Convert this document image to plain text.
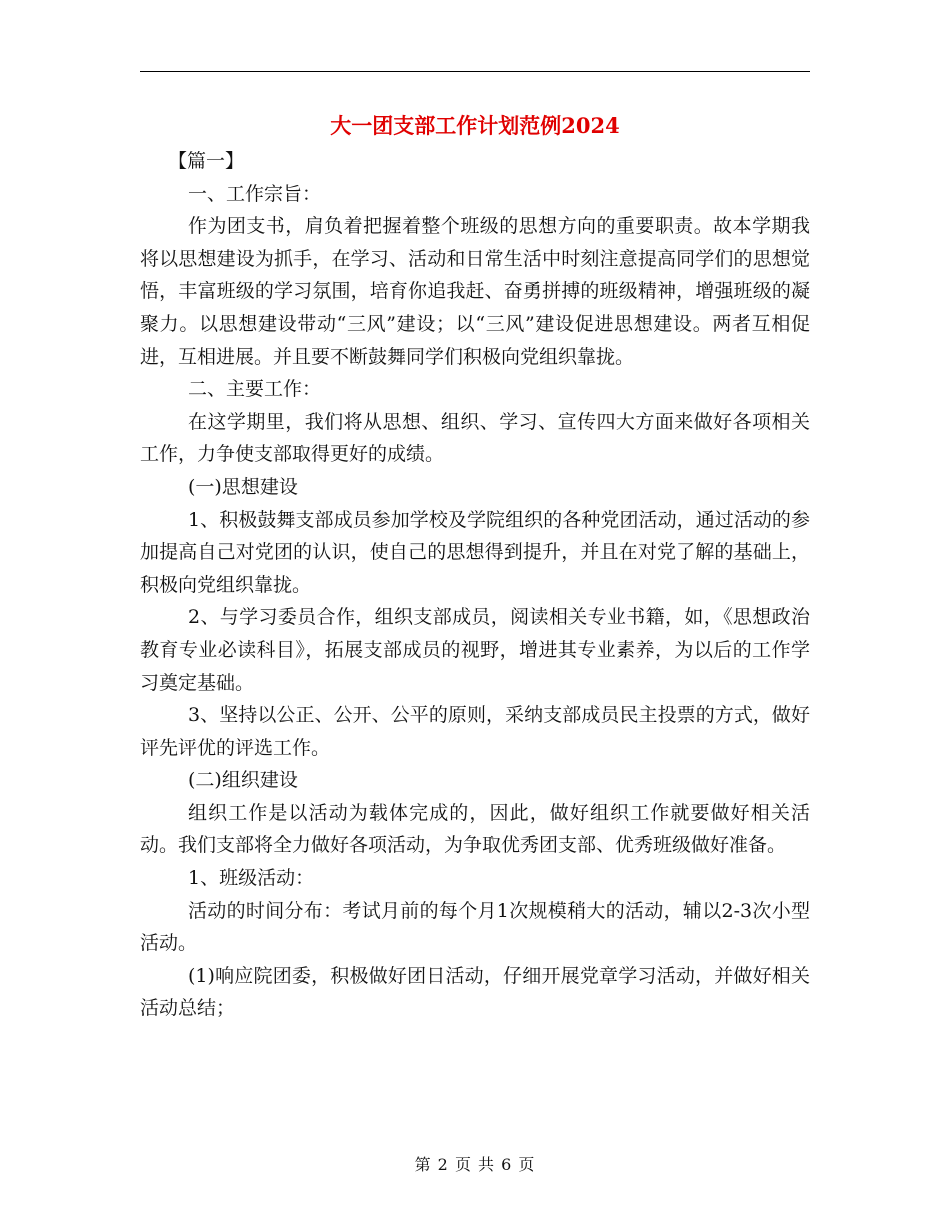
大一团支部工作计划范例2024

【篇一】

一、工作宗旨：

作为团支书，肩负着把握着整个班级的思想方向的重要职责。故本学期我将以思想建设为抓手，在学习、活动和日常生活中时刻注意提高同学们的思想觉悟，丰富班级的学习氛围，培育你追我赶、奋勇拼搏的班级精神，增强班级的凝聚力。以思想建设带动“三风”建设；以“三风”建设促进思想建设。两者互相促进，互相进展。并且要不断鼓舞同学们积极向党组织靠拢。

二、主要工作：

在这学期里，我们将从思想、组织、学习、宣传四大方面来做好各项相关工作，力争使支部取得更好的成绩。

(一)思想建设

1、积极鼓舞支部成员参加学校及学院组织的各种党团活动，通过活动的参加提高自己对党团的认识，使自己的思想得到提升，并且在对党了解的基础上，积极向党组织靠拢。

2、与学习委员合作，组织支部成员，阅读相关专业书籍，如，《思想政治教育专业必读科目》，拓展支部成员的视野，增进其专业素养，为以后的工作学习奠定基础。

3、坚持以公正、公开、公平的原则，采纳支部成员民主投票的方式，做好评先评优的评选工作。

(二)组织建设

组织工作是以活动为载体完成的，因此，做好组织工作就要做好相关活动。我们支部将全力做好各项活动，为争取优秀团支部、优秀班级做好准备。

1、班级活动：

活动的时间分布：考试月前的每个月1次规模稍大的活动，辅以2-3次小型活动。

(1)响应院团委，积极做好团日活动，仔细开展党章学习活动，并做好相关活动总结；

第 2 页 共 6 页
